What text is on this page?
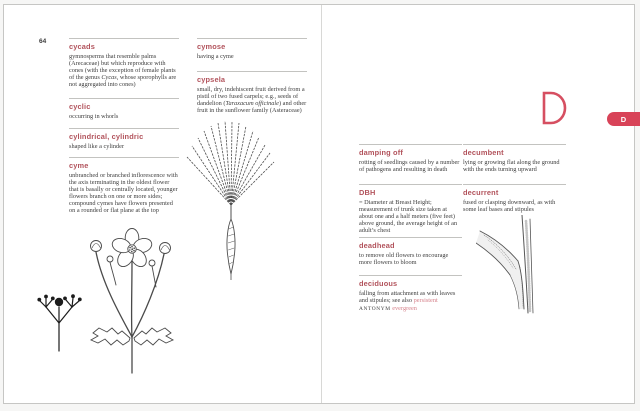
64
cycads
gymnosperms that resemble palms (Arecaceae) but which reproduce with cones (with the exception of female plants of the genus Cycas, whose sporophylls are not aggregated into cones)
cyclic
occurring in whorls
cylindrical, cylindric
shaped like a cylinder
cyme
unbranched or branched inflorescence with the axis terminating in the oldest flower that is basally or centrally located, younger flowers branch on one or more sides; compound cymes have flowers presented on a rounded or flat plane at the top
cymose
having a cyme
cypsela
small, dry, indehiscent fruit derived from a pistil of two fused carpels; e.g., seeds of dandelion (Taraxacum officinale) and other fruit in the sunflower family (Asteraceae)
damping off
rotting of seedlings caused by a number of pathogens and resulting in death
DBH
= Diameter at Breast Height; measurement of trunk size taken at about one and a half meters (five feet) above ground, the average height of an adult’s chest
deadhead
to remove old flowers to encourage more flowers to bloom
deciduous
falling from attachment as with leaves and stipules; see also persistent
ANTONYM evergreen
decumbent
lying or growing flat along the ground with the ends turning upward
decurrent
fused or clasping downward, as with some leaf bases and stipules
D
